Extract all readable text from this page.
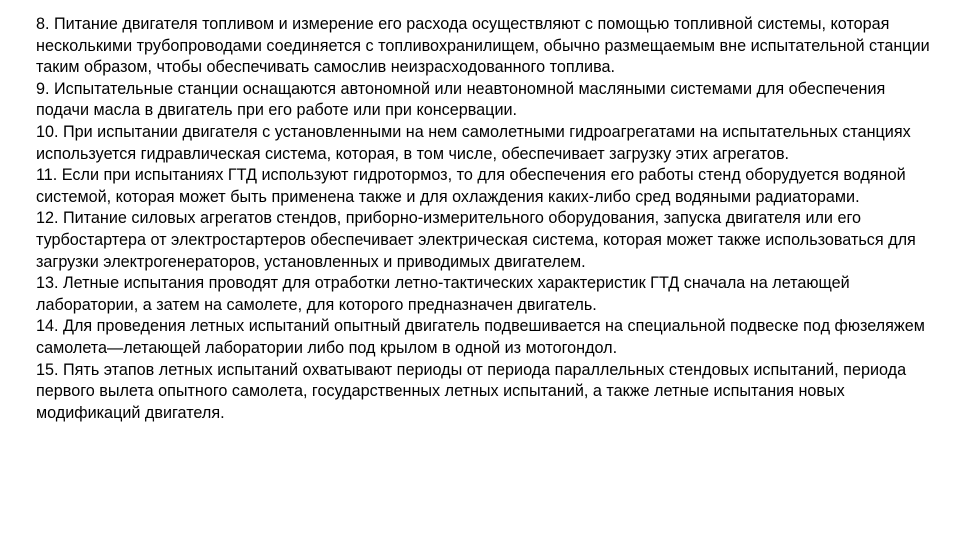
8. Питание двигателя топливом и измерение его расхода осуществляют с помощью топливной системы, которая несколькими трубопроводами соединяется с топливохранилищем, обычно размещаемым вне испытательной станции таким образом, чтобы обеспечивать самослив неизрасходованного топлива.

9. Испытательные станции оснащаются автономной или неавтономной масляными системами для обеспечения подачи масла в двигатель при его работе или при консервации.

10. При испытании двигателя с установленными на нем самолетными гидроагрегатами на испытательных станциях используется гидравлическая система, которая, в том числе, обеспечивает загрузку этих агрегатов.

11. Если при испытаниях ГТД используют гидротормоз, то для обеспечения его работы стенд оборудуется водяной системой, которая может быть применена также и для охлаждения каких-либо сред водяными радиаторами.

12. Питание силовых агрегатов стендов, приборно-измерительного оборудования, запуска двигателя или его турбостартера от электростартеров обеспечивает электрическая система, которая может также использоваться для загрузки электрогенераторов, установленных и приводимых двигателем.

13. Летные испытания проводят для отработки летно-тактических характеристик ГТД сначала на летающей лаборатории, а затем на самолете, для которого предназначен двигатель.

14. Для проведения летных испытаний опытный двигатель подвешивается на специальной подвеске под фюзеляжем самолета—летающей лаборатории либо под крылом в одной из мотогондол.

15. Пять этапов летных испытаний охватывают периоды от периода параллельных стендовых испытаний, периода первого вылета опытного самолета, государственных летных испытаний, а также летные испытания новых модификаций двигателя.
